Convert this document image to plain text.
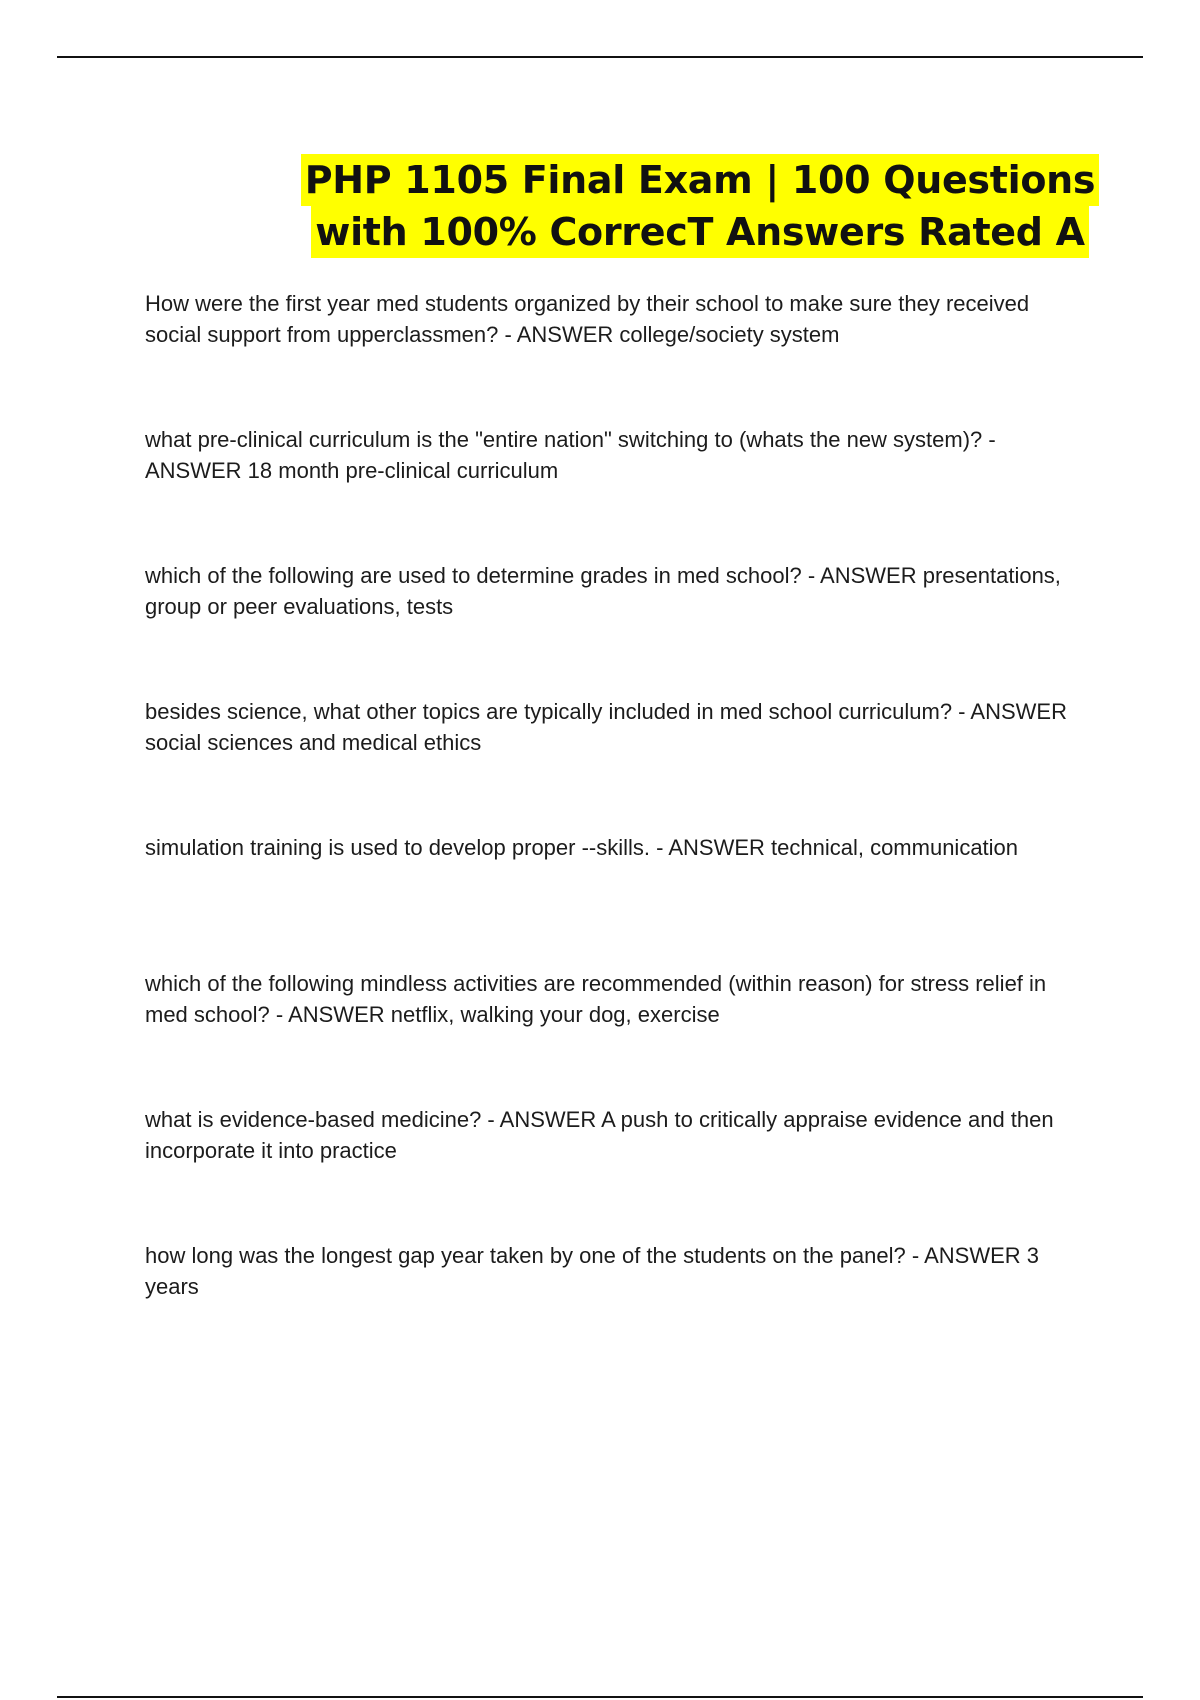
PHP 1105 Final Exam | 100 Questions
with 100% CorrecT Answers Rated A
How were the first year med students organized by their school to make sure they received social support from upperclassmen? - ANSWER college/society system
what pre-clinical curriculum is the "entire nation" switching to (whats the new system)? - ANSWER 18 month pre-clinical curriculum
which of the following are used to determine grades in med school? - ANSWER presentations, group or peer evaluations, tests
besides science, what other topics are typically included in med school curriculum? - ANSWER social sciences and medical ethics
simulation training is used to develop proper --skills. - ANSWER technical, communication
which of the following mindless activities are recommended (within reason) for stress relief in med school? - ANSWER netflix, walking your dog, exercise
what is evidence-based medicine? - ANSWER A push to critically appraise evidence and then incorporate it into practice
how long was the longest gap year taken by one of the students on the panel? - ANSWER 3 years
